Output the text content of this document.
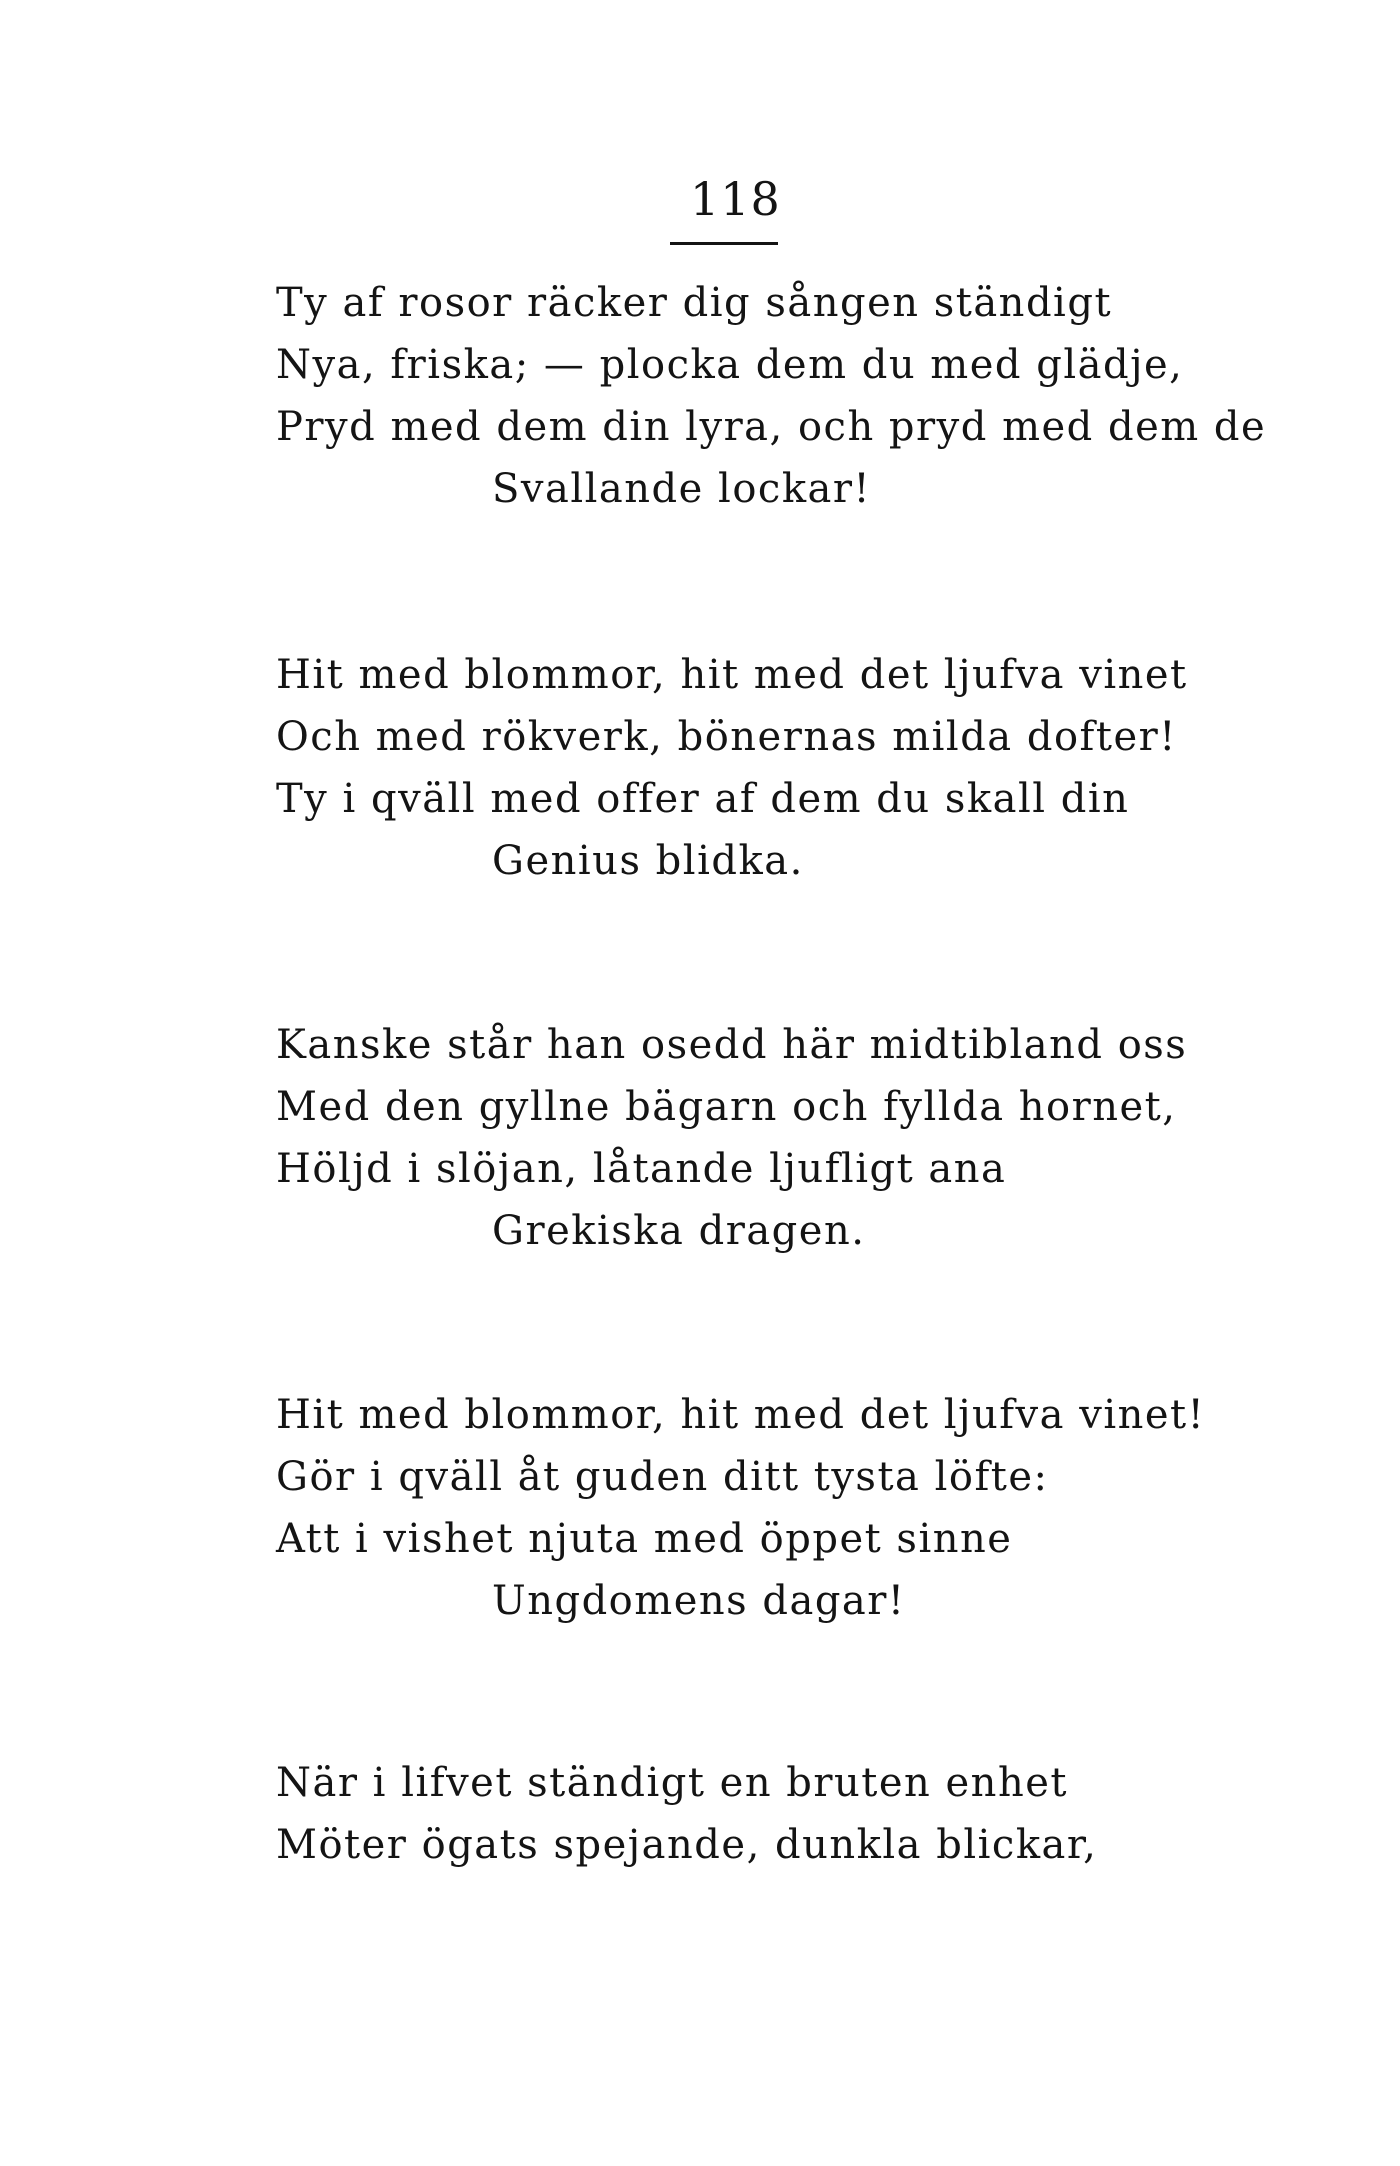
118
Ty af rosor räcker dig sången ständigt
Nya, friska; — plocka dem du med glädje,
Pryd med dem din lyra, och pryd med dem de
Svallande lockar!
Hit med blommor, hit med det ljufva vinet
Och med rökverk, bönernas milda dofter!
Ty i qväll med offer af dem du skall din
Genius blidka.
Kanske står han osedd här midtibland oss
Med den gyllne bägarn och fyllda hornet,
Höljd i slöjan, låtande ljufligt ana
Grekiska dragen.
Hit med blommor, hit med det ljufva vinet!
Gör i qväll åt guden ditt tysta löfte:
Att i vishet njuta med öppet sinne
Ungdomens dagar!
När i lifvet ständigt en bruten enhet
Möter ögats spejande, dunkla blickar,
